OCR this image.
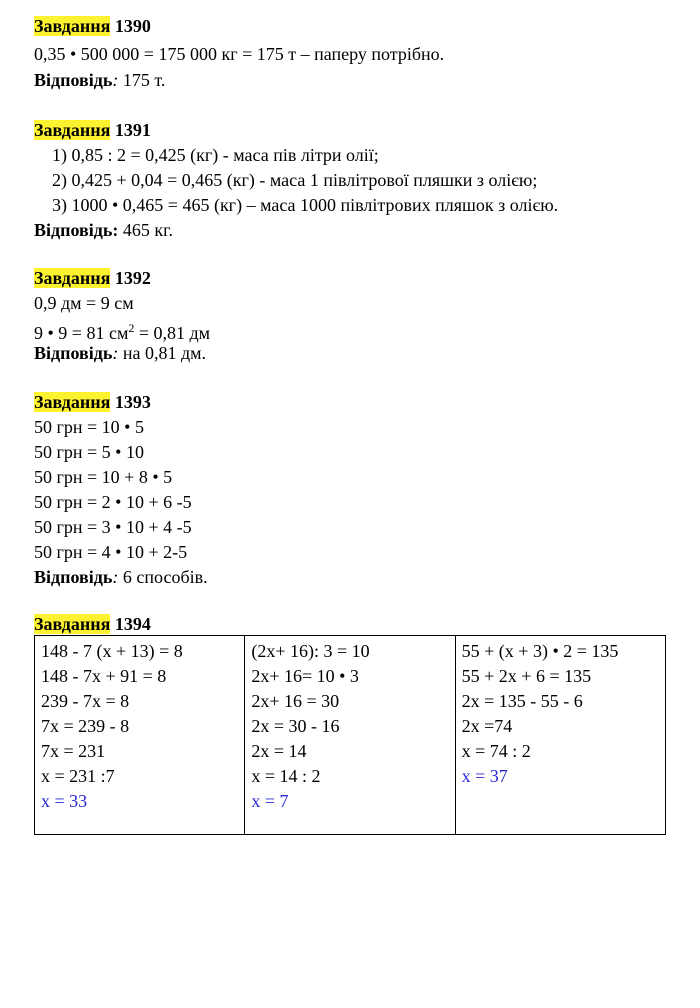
Завдання 1390
0,35 • 500 000 = 175 000 кг = 175 т – паперу потрібно.
Відповідь: 175 т.
Завдання 1391
1) 0,85 : 2 = 0,425 (кг) - маса пів літри олії;
2) 0,425 + 0,04 = 0,465 (кг) - маса 1 півлітрової пляшки з олією;
3) 1000 • 0,465 = 465 (кг) – маса 1000 півлітрових пляшок з олією.
Відповідь: 465 кг.
Завдання 1392
0,9 дм = 9 см
9 • 9 = 81 $см^2 = 0,81$ дм
Відповідь: на 0,81 дм.
Завдання 1393
50 грн = 10 • 5
50 грн = 5 • 10
50 грн = 10 + 8 • 5
50 грн = 2 • 10 + 6 -5
50 грн = 3 • 10 + 4 -5
50 грн = 4 • 10 + 2-5
Відповідь: 6 способів.
Завдання 1394
148 - 7 (x + 13) = 8
148 - 7x + 91 = 8
239 - 7x = 8
7x = 239 - 8
7x = 231
x = 231 :7
x = 33

(2x+ 16): 3 = 10
2x+ 16= 10 • 3
2x+ 16 = 30
2x = 30 - 16
2x = 14
x = 14 : 2
x = 7

55 + (x + 3) • 2 = 135
55 + 2x + 6 = 135
2x = 135 - 55 - 6
2x =74
x = 74 : 2
x = 37
